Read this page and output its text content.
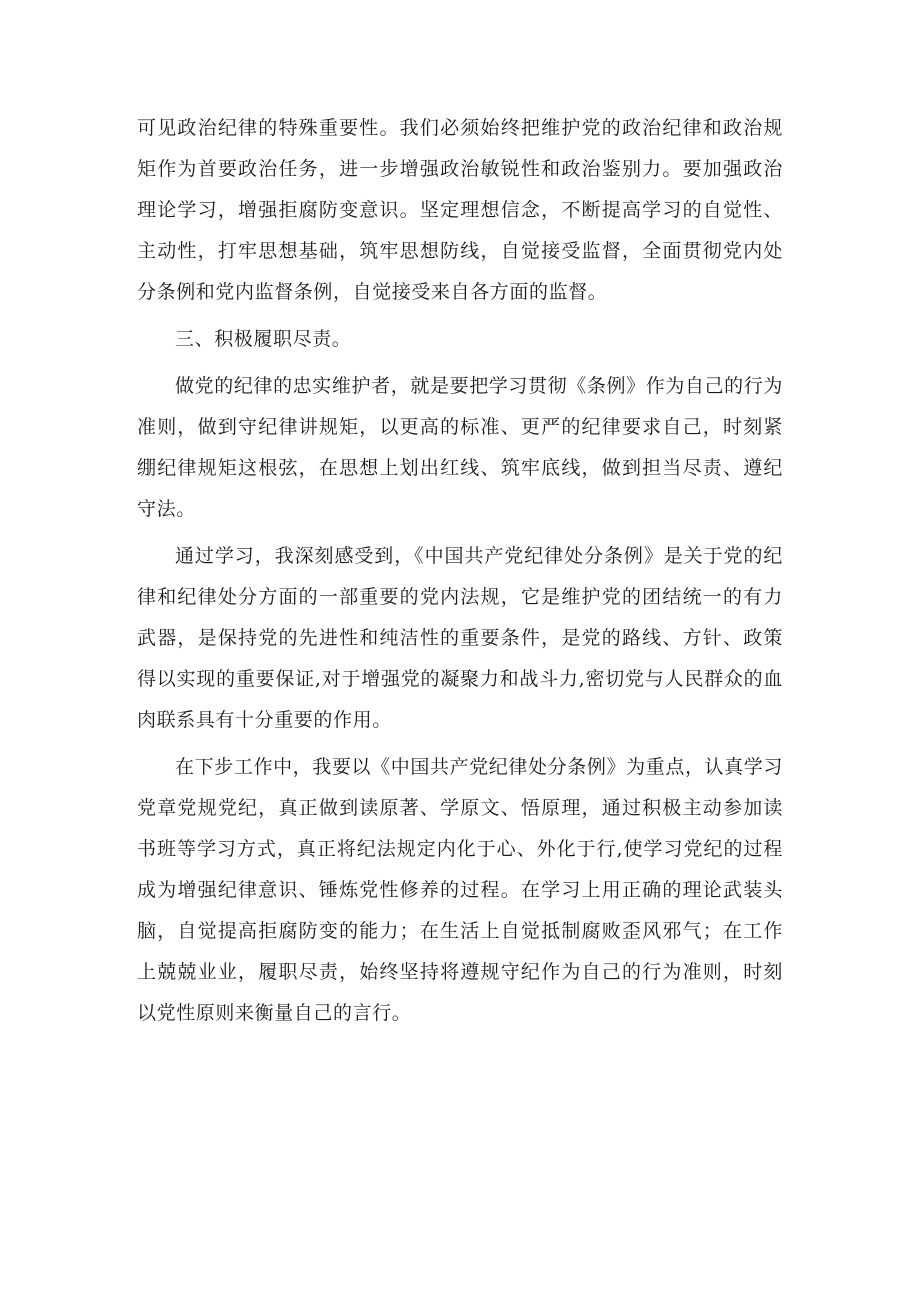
可见政治纪律的特殊重要性。我们必须始终把维护党的政治纪律和政治规矩作为首要政治任务，进一步增强政治敏锐性和政治鉴别力。要加强政治理论学习，增强拒腐防变意识。坚定理想信念，不断提高学习的自觉性、主动性，打牢思想基础，筑牢思想防线，自觉接受监督，全面贯彻党内处分条例和党内监督条例，自觉接受来自各方面的监督。

三、积极履职尽责。

做党的纪律的忠实维护者，就是要把学习贯彻《条例》作为自己的行为准则，做到守纪律讲规矩，以更高的标准、更严的纪律要求自己，时刻紧绷纪律规矩这根弦，在思想上划出红线、筑牢底线，做到担当尽责、遵纪守法。

通过学习，我深刻感受到，《中国共产党纪律处分条例》是关于党的纪律和纪律处分方面的一部重要的党内法规，它是维护党的团结统一的有力武器，是保持党的先进性和纯洁性的重要条件，是党的路线、方针、政策得以实现的重要保证,对于增强党的凝聚力和战斗力,密切党与人民群众的血肉联系具有十分重要的作用。

在下步工作中，我要以《中国共产党纪律处分条例》为重点，认真学习党章党规党纪，真正做到读原著、学原文、悟原理，通过积极主动参加读书班等学习方式，真正将纪法规定内化于心、外化于行,使学习党纪的过程成为增强纪律意识、锤炼党性修养的过程。在学习上用正确的理论武装头脑，自觉提高拒腐防变的能力；在生活上自觉抵制腐败歪风邪气；在工作上兢兢业业，履职尽责，始终坚持将遵规守纪作为自己的行为准则，时刻以党性原则来衡量自己的言行。
